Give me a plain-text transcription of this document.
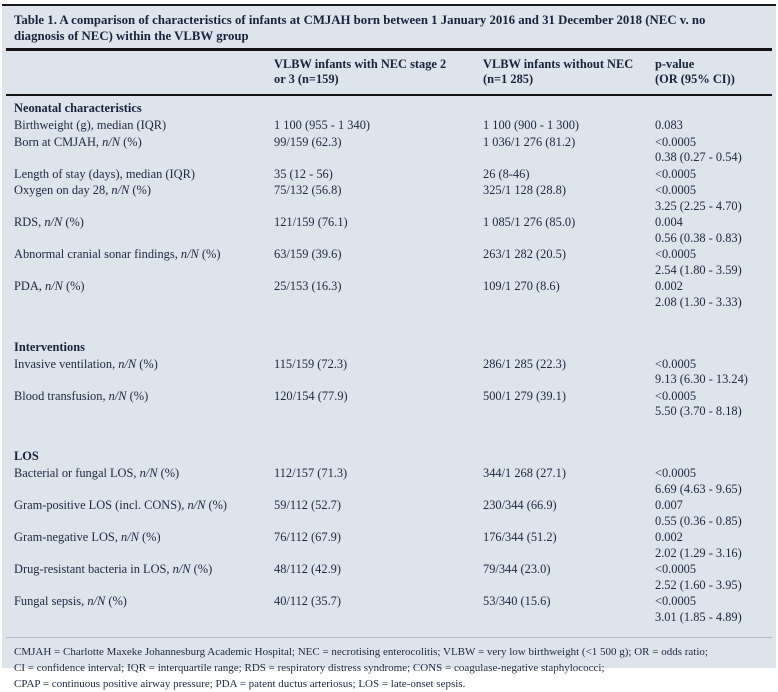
Table 1. A comparison of characteristics of infants at CMJAH born between 1 January 2016 and 31 December 2018 (NEC v. no diagnosis of NEC) within the VLBW group
VLBW infants with NEC stage 2
or 3 (n=159)
VLBW infants without NEC
(n=1 285)
p-value
(OR (95% CI))
Neonatal characteristics
Birthweight (g), median (IQR)	1 100 (955 - 1 340)	1 100 (900 - 1 300)	0.083
Born at CMJAH, n/N (%)	99/159 (62.3)	1 036/1 276 (81.2)	<0.0005
0.38 (0.27 - 0.54)
Length of stay (days), median (IQR)	35 (12 - 56)	26 (8-46)	<0.0005
Oxygen on day 28, n/N (%)	75/132 (56.8)	325/1 128 (28.8)	<0.0005
3.25 (2.25 - 4.70)
RDS, n/N (%)	121/159 (76.1)	1 085/1 276 (85.0)	0.004
0.56 (0.38 - 0.83)
Abnormal cranial sonar findings, n/N (%)	63/159 (39.6)	263/1 282 (20.5)	<0.0005
2.54 (1.80 - 3.59)
PDA, n/N (%)	25/153 (16.3)	109/1 270 (8.6)	0.002
2.08 (1.30 - 3.33)
Interventions
Invasive ventilation, n/N (%)	115/159 (72.3)	286/1 285 (22.3)	<0.0005
9.13 (6.30 - 13.24)
Blood transfusion, n/N (%)	120/154 (77.9)	500/1 279 (39.1)	<0.0005
5.50 (3.70 - 8.18)
LOS
Bacterial or fungal LOS, n/N (%)	112/157 (71.3)	344/1 268 (27.1)	<0.0005
6.69 (4.63 - 9.65)
Gram-positive LOS (incl. CONS), n/N (%)	59/112 (52.7)	230/344 (66.9)	0.007
0.55 (0.36 - 0.85)
Gram-negative LOS, n/N (%)	76/112 (67.9)	176/344 (51.2)	0.002
2.02 (1.29 - 3.16)
Drug-resistant bacteria in LOS, n/N (%)	48/112 (42.9)	79/344 (23.0)	<0.0005
2.52 (1.60 - 3.95)
Fungal sepsis, n/N (%)	40/112 (35.7)	53/340 (15.6)	<0.0005
3.01 (1.85 - 4.89)
CMJAH = Charlotte Maxeke Johannesburg Academic Hospital; NEC = necrotising enterocolitis; VLBW = very low birthweight (<1 500 g); OR = odds ratio;
CI = confidence interval; IQR = interquartile range; RDS = respiratory distress syndrome; CONS = coagulase-negative staphylococci;
CPAP = continuous positive airway pressure; PDA = patent ductus arteriosus; LOS = late-onset sepsis.
